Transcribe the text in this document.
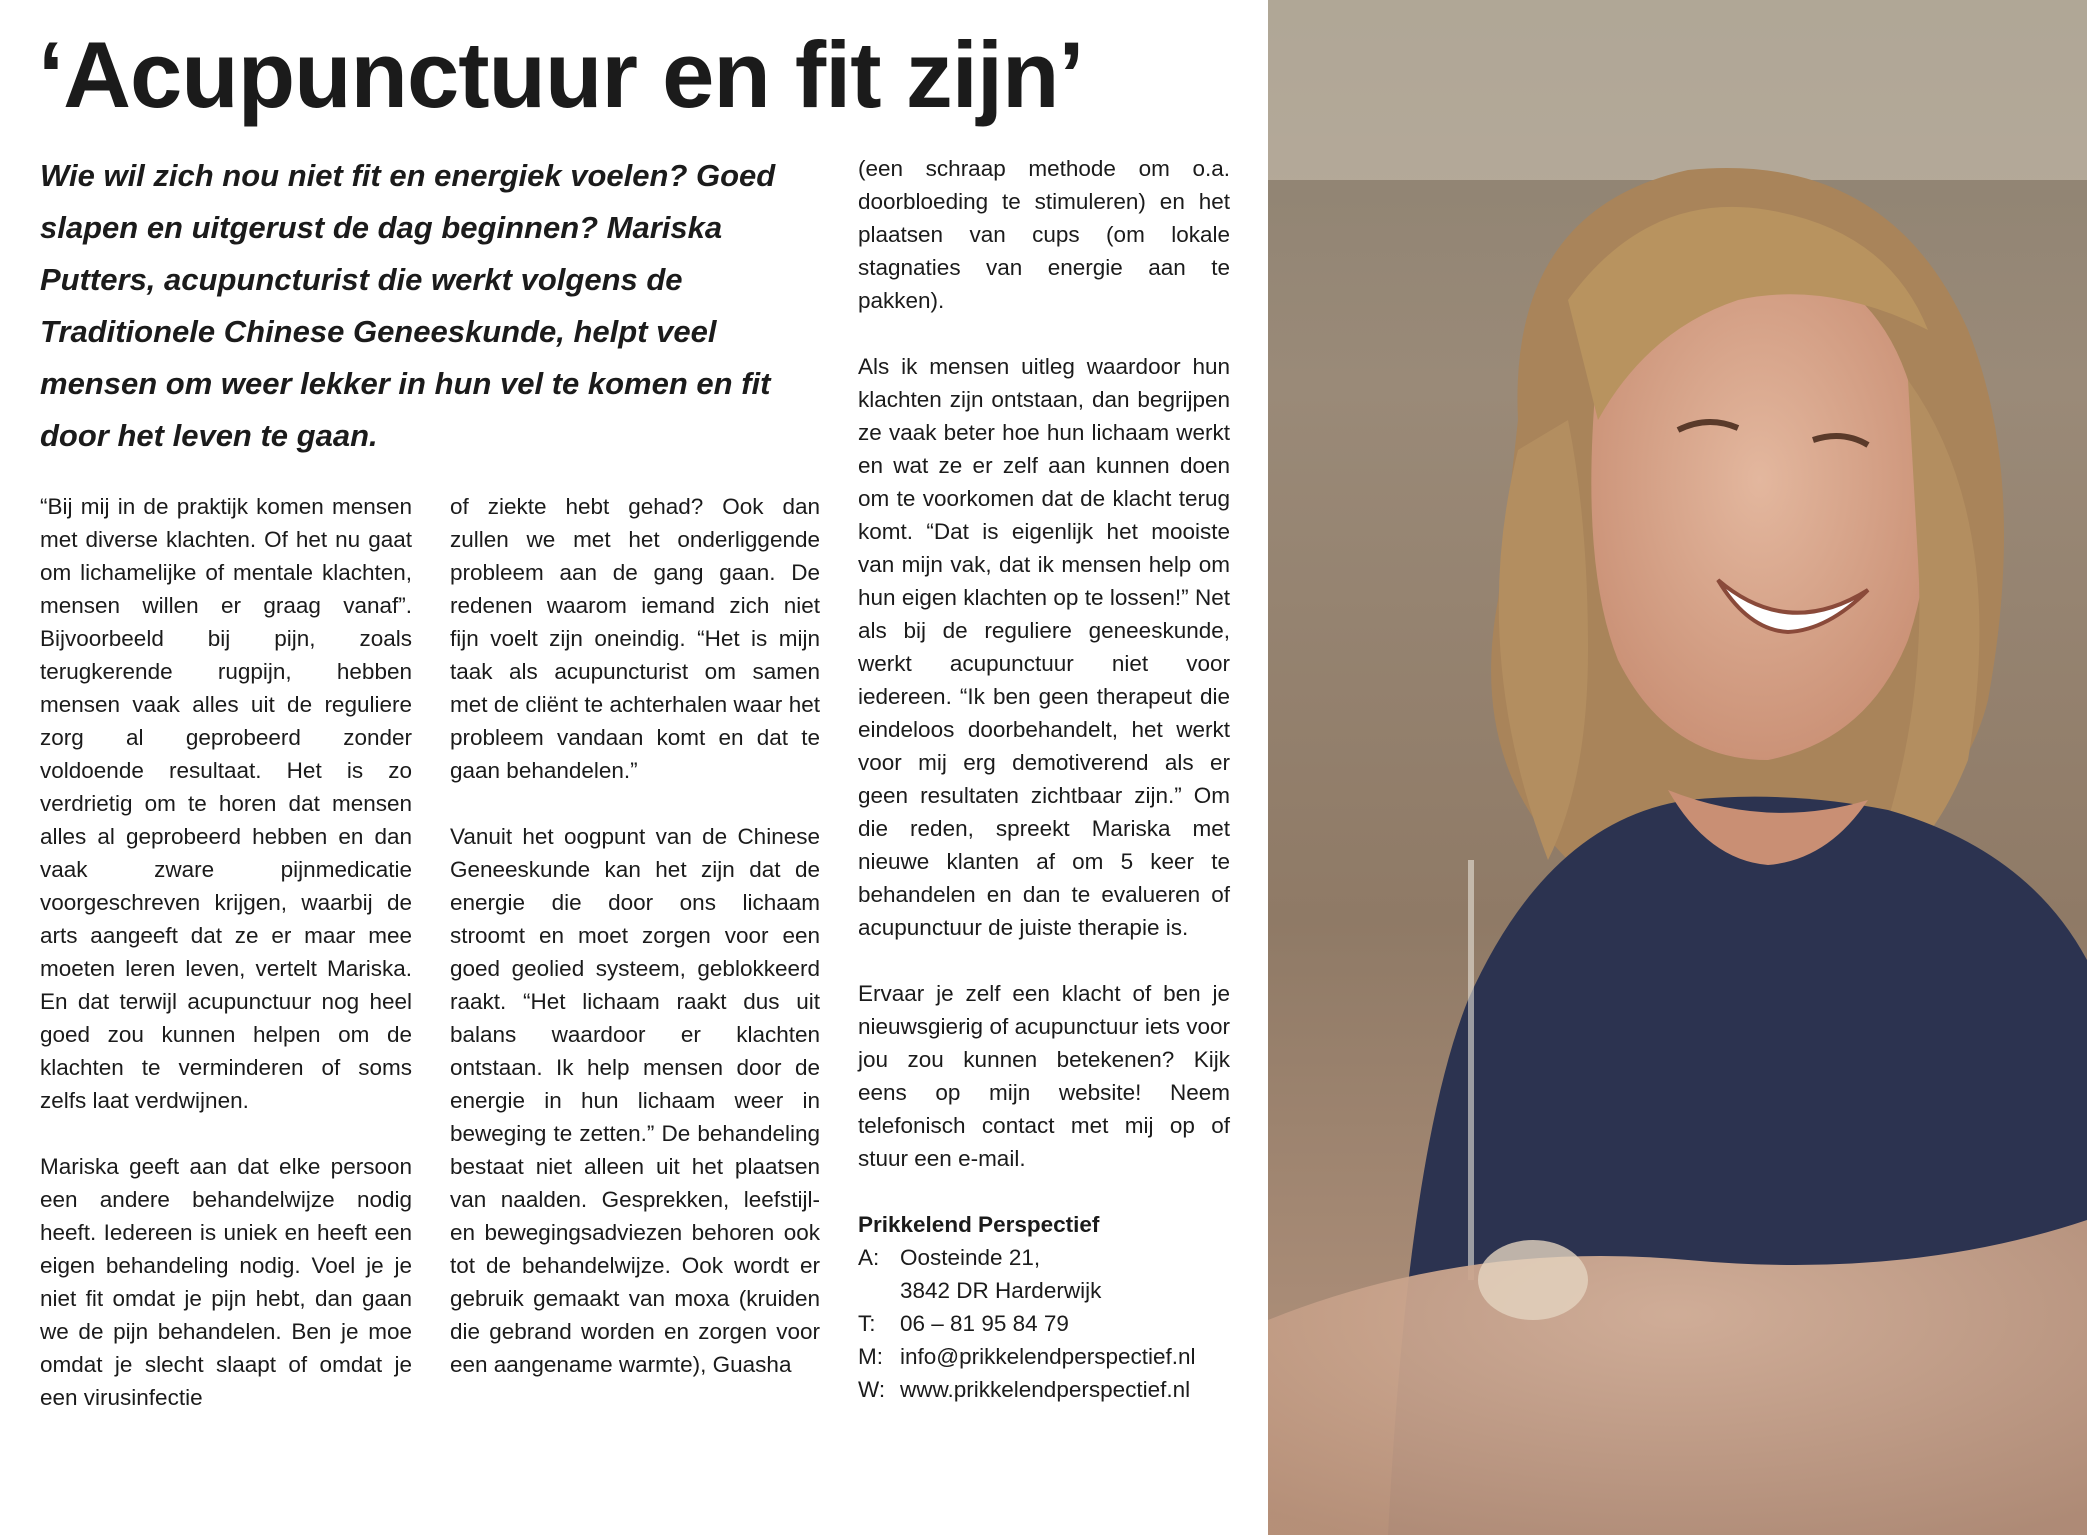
‘Acupunctuur en fit zijn’

Wie wil zich nou niet fit en energiek voelen? Goed slapen en uitgerust de dag beginnen? Mariska Putters, acupuncturist die werkt volgens de Traditionele Chinese Geneeskunde, helpt veel mensen om weer lekker in hun vel te komen en fit door het leven te gaan.

“Bij mij in de praktijk komen mensen met diverse klachten. Of het nu gaat om lichamelijke of mentale klachten, mensen willen er graag vanaf”. Bijvoorbeeld bij pijn, zoals terugkerende rugpijn, hebben mensen vaak alles uit de reguliere zorg al geprobeerd zonder voldoende resultaat. Het is zo verdrietig om te horen dat mensen alles al geprobeerd hebben en dan vaak zware pijnmedicatie voorgeschreven krijgen, waarbij de arts aangeeft dat ze er maar mee moeten leren leven, vertelt Mariska. En dat terwijl acupunctuur nog heel goed zou kunnen helpen om de klachten te verminderen of soms zelfs laat verdwijnen.

Mariska geeft aan dat elke persoon een andere behandelwijze nodig heeft. Iedereen is uniek en heeft een eigen behandeling nodig. Voel je je niet fit omdat je pijn hebt, dan gaan we de pijn behandelen. Ben je moe omdat je slecht slaapt of omdat je een virusinfectie

of ziekte hebt gehad? Ook dan zullen we met het onderliggende probleem aan de gang gaan. De redenen waarom iemand zich niet fijn voelt zijn oneindig. “Het is mijn taak als acupuncturist om samen met de cliënt te achterhalen waar het probleem vandaan komt en dat te gaan behandelen.”

Vanuit het oogpunt van de Chinese Geneeskunde kan het zijn dat de energie die door ons lichaam stroomt en moet zorgen voor een goed geolied systeem, geblokkeerd raakt. “Het lichaam raakt dus uit balans waardoor er klachten ontstaan. Ik help mensen door de energie in hun lichaam weer in beweging te zetten.” De behandeling bestaat niet alleen uit het plaatsen van naalden. Gesprekken, leefstijl- en bewegingsadviezen behoren ook tot de behandelwijze. Ook wordt er gebruik gemaakt van moxa (kruiden die gebrand worden en zorgen voor een aangename warmte), Guasha

(een schraap methode om o.a. doorbloeding te stimuleren) en het plaatsen van cups (om lokale stagnaties van energie aan te pakken).

Als ik mensen uitleg waardoor hun klachten zijn ontstaan, dan begrijpen ze vaak beter hoe hun lichaam werkt en wat ze er zelf aan kunnen doen om te voorkomen dat de klacht terug komt. “Dat is eigenlijk het mooiste van mijn vak, dat ik mensen help om hun eigen klachten op te lossen!” Net als bij de reguliere geneeskunde, werkt acupunctuur niet voor iedereen. “Ik ben geen therapeut die eindeloos doorbehandelt, het werkt voor mij erg demotiverend als er geen resultaten zichtbaar zijn.” Om die reden, spreekt Mariska met nieuwe klanten af om 5 keer te behandelen en dan te evalueren of acupunctuur de juiste therapie is.

Ervaar je zelf een klacht of ben je nieuwsgierig of acupunctuur iets voor jou zou kunnen betekenen? Kijk eens op mijn website! Neem telefonisch contact met mij op of stuur een e-mail.

Prikkelend Perspectief
A: Oosteinde 21,
3842 DR Harderwijk
T: 06 – 81 95 84 79
M: info@prikkelendperspectief.nl
W: www.prikkelendperspectief.nl
